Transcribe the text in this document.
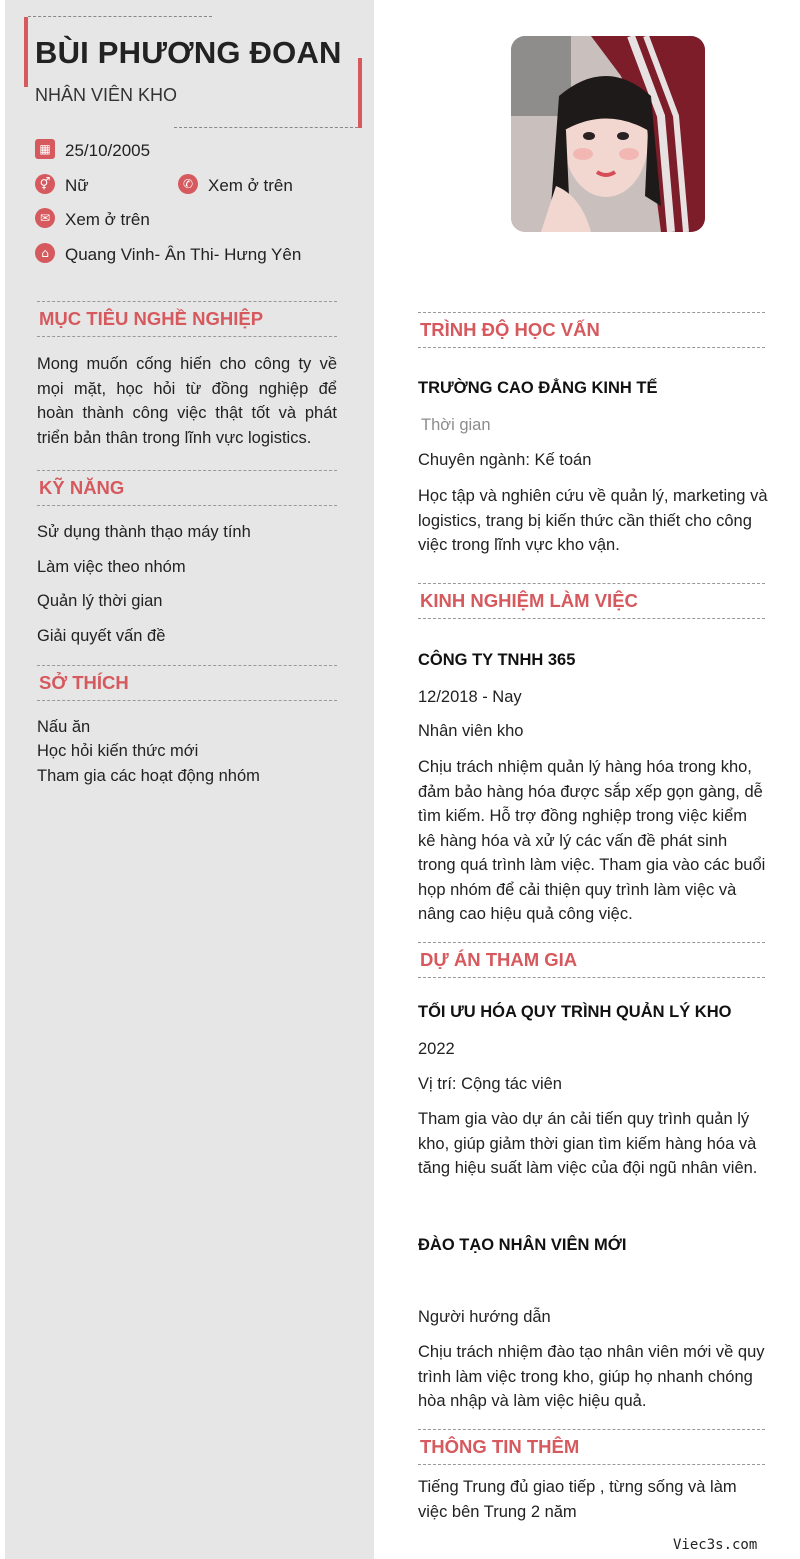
BÙI PHƯƠNG ĐOAN
NHÂN VIÊN KHO
▦ 25/10/2005
⚥ Nữ	✆ Xem ở trên
✉ Xem ở trên
⌂ Quang Vinh- Ân Thi- Hưng Yên
MỤC TIÊU NGHỀ NGHIỆP
Mong muốn cống hiến cho công ty về mọi mặt, học hỏi từ đồng nghiệp để hoàn thành công việc thật tốt và phát triển bản thân trong lĩnh vực logistics.
KỸ NĂNG
Sử dụng thành thạo máy tính
Làm việc theo nhóm
Quản lý thời gian
Giải quyết vấn đề
SỞ THÍCH
Nấu ăn
Học hỏi kiến thức mới
Tham gia các hoạt động nhóm
TRÌNH ĐỘ HỌC VẤN
TRƯỜNG CAO ĐẲNG KINH TẾ
Thời gian
Chuyên ngành: Kế toán
Học tập và nghiên cứu về quản lý, marketing và logistics, trang bị kiến thức cần thiết cho công việc trong lĩnh vực kho vận.
KINH NGHIỆM LÀM VIỆC
CÔNG TY TNHH 365
12/2018 - Nay
Nhân viên kho
Chịu trách nhiệm quản lý hàng hóa trong kho, đảm bảo hàng hóa được sắp xếp gọn gàng, dễ tìm kiếm. Hỗ trợ đồng nghiệp trong việc kiểm kê hàng hóa và xử lý các vấn đề phát sinh trong quá trình làm việc. Tham gia vào các buổi họp nhóm để cải thiện quy trình làm việc và nâng cao hiệu quả công việc.
DỰ ÁN THAM GIA
TỐI ƯU HÓA QUY TRÌNH QUẢN LÝ KHO
2022
Vị trí: Cộng tác viên
Tham gia vào dự án cải tiến quy trình quản lý kho, giúp giảm thời gian tìm kiếm hàng hóa và tăng hiệu suất làm việc của đội ngũ nhân viên.
ĐÀO TẠO NHÂN VIÊN MỚI
Người hướng dẫn
Chịu trách nhiệm đào tạo nhân viên mới về quy trình làm việc trong kho, giúp họ nhanh chóng hòa nhập và làm việc hiệu quả.
THÔNG TIN THÊM
Tiếng Trung đủ giao tiếp , từng sống và làm việc bên Trung 2 năm
Viec3s.com
